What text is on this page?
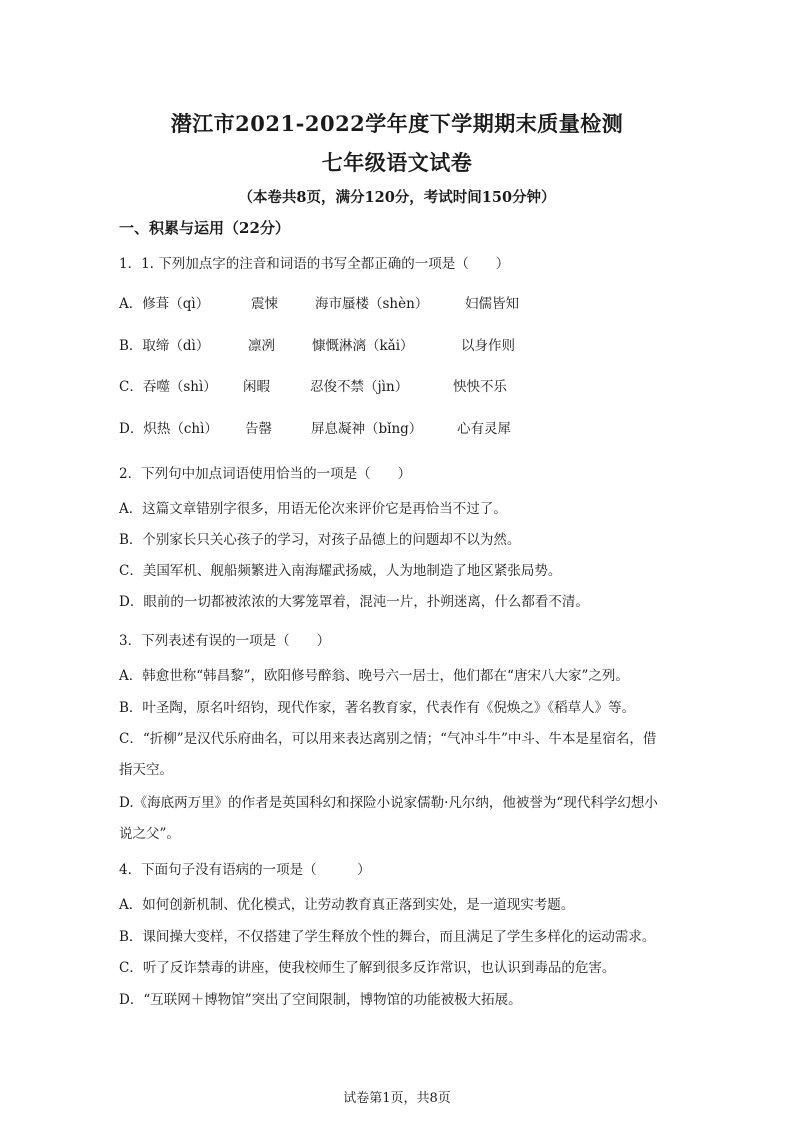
潜江市2021-2022学年度下学期期末质量检测
七年级语文试卷
（本卷共8页，满分120分，考试时间150分钟）
一、积累与运用（22分）
1．1. 下列加点字的注音和词语的书写全都正确的一项是（　　）
A．修葺（qì）	震悚	海市蜃楼（shèn）	妇儒皆知
B．取缔（dì）	凛冽	慷慨淋漓（kǎi）	以身作则
C．吞噬（shì） 闲暇	忍俊不禁（jìn）	怏怏不乐
D．炽热（chì） 告罄	屏息凝神（bǐng）	心有灵犀
2．下列句中加点词语使用恰当的一项是（　　）
A．这篇文章错别字很多，用语无伦次来评价它是再恰当不过了。
B．个别家长只关心孩子的学习，对孩子品德上的问题却不以为然。
C．美国军机、舰船频繁进入南海耀武扬威，人为地制造了地区紧张局势。
D．眼前的一切都被浓浓的大雾笼罩着，混沌一片，扑朔迷离，什么都看不清。
3．下列表述有误的一项是（　　）
A．韩愈世称“韩昌黎”，欧阳修号醉翁、晚号六一居士，他们都在“唐宋八大家”之列。
B．叶圣陶，原名叶绍钧，现代作家，著名教育家，代表作有《倪焕之》《稻草人》等。
C．“折柳”是汉代乐府曲名，可以用来表达离别之情；“气冲斗牛”中斗、牛本是星宿名，借
指天空。
D.《海底两万里》的作者是英国科幻和探险小说家儒勒·凡尔纳，他被誉为“现代科学幻想小
说之父”。
4．下面句子没有语病的一项是（　　　）
A．如何创新机制、优化模式，让劳动教育真正落到实处，是一道现实考题。
B．课间操大变样，不仅搭建了学生释放个性的舞台，而且满足了学生多样化的运动需求。
C．听了反诈禁毒的讲座，使我校师生了解到很多反诈常识，也认识到毒品的危害。
D．“互联网＋博物馆”突出了空间限制，博物馆的功能被极大拓展。
试卷第1页，共8页
